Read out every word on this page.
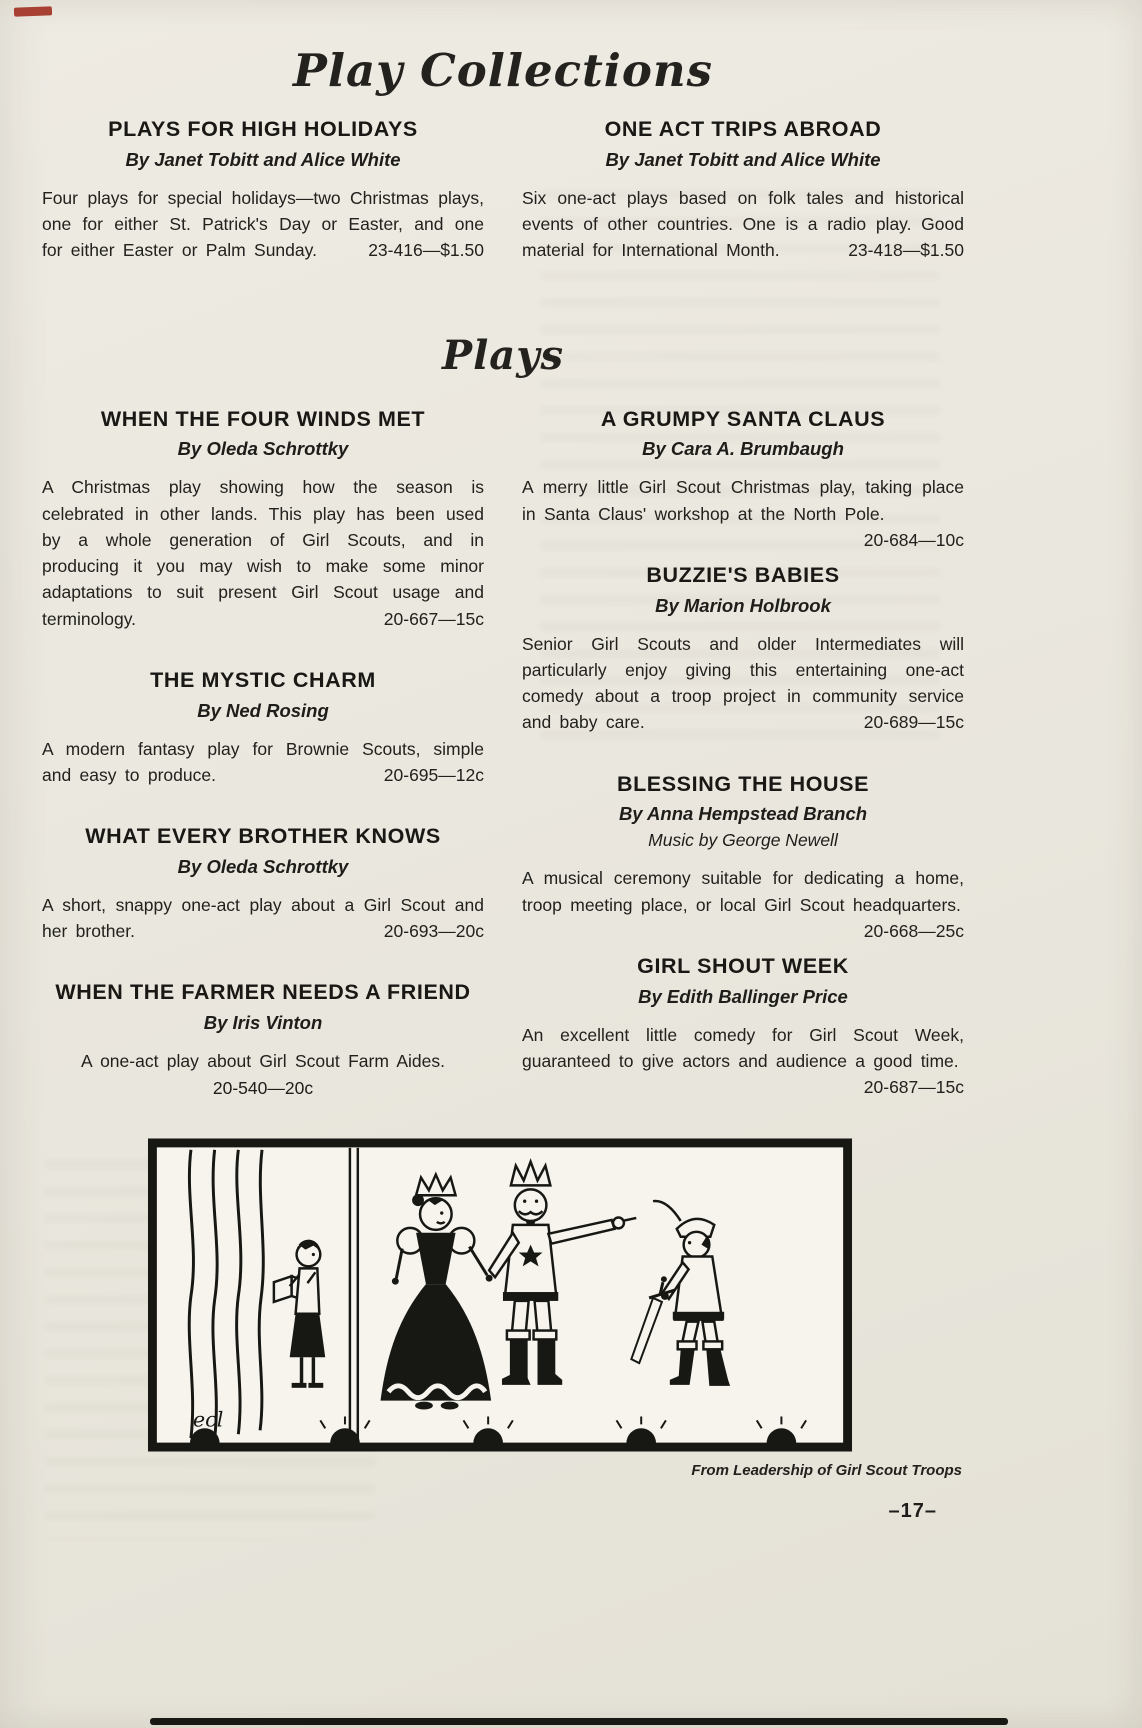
Play Collections
PLAYS FOR HIGH HOLIDAYS

By Janet Tobitt and Alice White

Four plays for special holidays—two Christmas plays, one for either St. Patrick's Day or Easter, and one for either Easter or Palm Sunday.	23-416—$1.50

ONE ACT TRIPS ABROAD

By Janet Tobitt and Alice White

Six one-act plays based on folk tales and historical events of other countries. One is a radio play. Good material for International Month.	23-418—$1.50

Plays
WHEN THE FOUR WINDS MET

By Oleda Schrottky

A Christmas play showing how the season is celebrated in other lands. This play has been used by a whole generation of Girl Scouts, and in producing it you may wish to make some minor adaptations to suit present Girl Scout usage and terminology.	20-667—15c

THE MYSTIC CHARM

By Ned Rosing

A modern fantasy play for Brownie Scouts, simple and easy to produce.	20-695—12c

WHAT EVERY BROTHER KNOWS

By Oleda Schrottky

A short, snappy one-act play about a Girl Scout and her brother.	20-693—20c

WHEN THE FARMER NEEDS A FRIEND

By Iris Vinton

A one-act play about Girl Scout Farm Aides.

20-540—20c
A GRUMPY SANTA CLAUS

By Cara A. Brumbaugh

A merry little Girl Scout Christmas play, taking place in Santa Claus' workshop at the North Pole.
20-684—10c

BUZZIE'S BABIES

By Marion Holbrook

Senior Girl Scouts and older Intermediates will particularly enjoy giving this entertaining one-act comedy about a troop project in community service and baby care.	20-689—15c

BLESSING THE HOUSE

By Anna Hempstead Branch

Music by George Newell

A musical ceremony suitable for dedicating a home, troop meeting place, or local Girl Scout headquarters.
20-668—25c

GIRL SHOUT WEEK

By Edith Ballinger Price

An excellent little comedy for Girl Scout Week, guaranteed to give actors and audience a good time.
20-687—15c

ecl
From Leadership of Girl Scout Troops
–17–
